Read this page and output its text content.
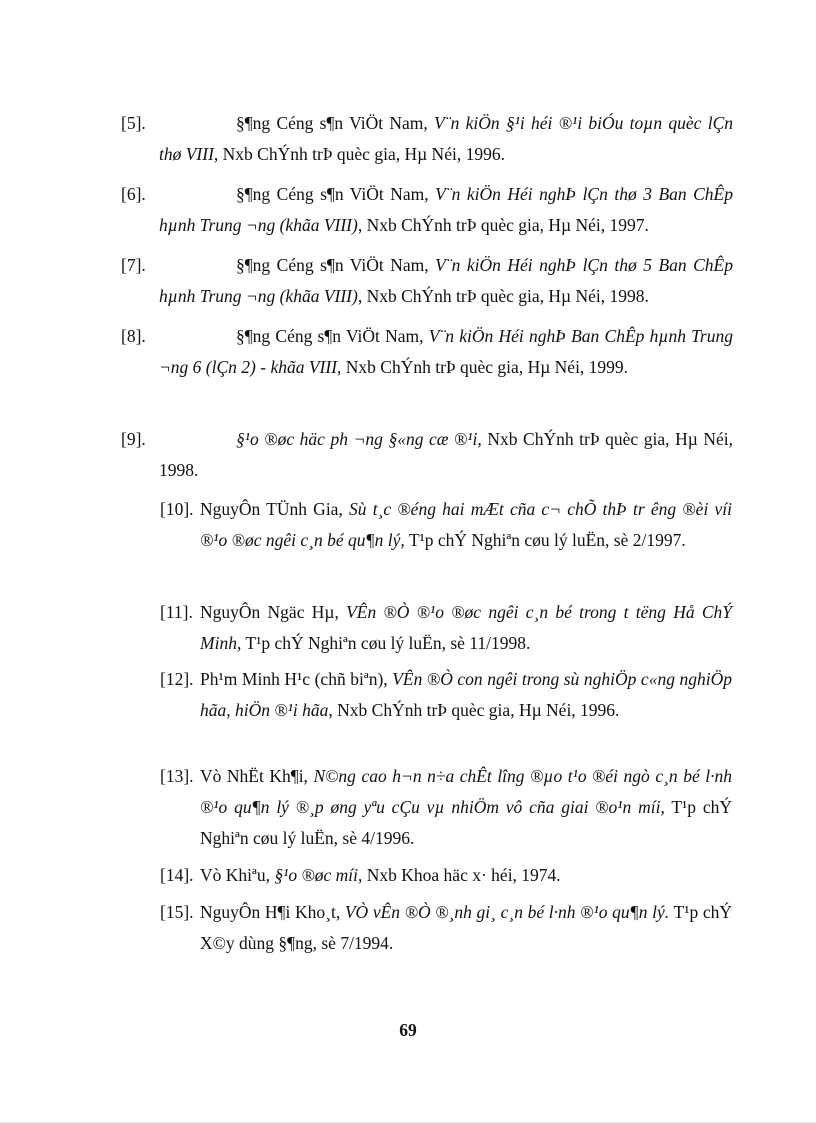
[5].	§¶ng Céng s¶n ViÖt Nam, V¨n kiÖn §¹i héi ®¹i biÓu toµn quèc lÇn thø VIII, Nxb ChÝnh trÞ quèc gia, Hµ Néi, 1996.
[6].	§¶ng Céng s¶n ViÖt Nam, V¨n kiÖn Héi nghÞ lÇn thø 3 Ban ChÊp hµnh Trung ¬ng (khãa VIII), Nxb ChÝnh trÞ quèc gia, Hµ Néi, 1997.
[7].	§¶ng Céng s¶n ViÖt Nam, V¨n kiÖn Héi nghÞ lÇn thø 5 Ban ChÊp hµnh Trung ¬ng (khãa VIII), Nxb ChÝnh trÞ quèc gia, Hµ Néi, 1998.
[8].	§¶ng Céng s¶n ViÖt Nam, V¨n kiÖn Héi nghÞ Ban ChÊp hµnh Trung ¬ng 6 (lÇn 2) - khãa VIII, Nxb ChÝnh trÞ quèc gia, Hµ Néi, 1999.
[9].	§¹o ®øc häc ph ¬ng §«ng cæ ®¹i, Nxb ChÝnh trÞ quèc gia, Hµ Néi, 1998.
[10]. NguyÔn TÜnh Gia, Sù t¸c ®éng hai mÆt cña c¬ chÕ thÞ tr êng ®èi víi ®¹o ®øc ngêi c¸n bé qu¶n lý, T¹p chÝ Nghiªn cøu lý luËn, sè 2/1997.
[11]. NguyÔn Ngäc Hµ, VÊn ®Ò ®¹o ®øc ngêi c¸n bé trong t tëng Hå ChÝ Minh, T¹p chÝ Nghiªn cøu lý luËn, sè 11/1998.
[12]. Ph¹m Minh H¹c (chñ biªn), VÊn ®Ò con ngêi trong sù nghiÖp c«ng nghiÖp hãa, hiÖn ®¹i hãa, Nxb ChÝnh trÞ quèc gia, Hµ Néi, 1996.
[13]. Vò NhËt Kh¶i, N©ng cao h¬n n÷a chÊt lîng ®µo t¹o ®éi ngò c¸n bé l·nh ®¹o qu¶n lý ®¸p øng yªu cÇu vµ nhiÖm vô cña giai ®o¹n míi, T¹p chÝ Nghiªn cøu lý luËn, sè 4/1996.
[14]. Vò Khiªu, §¹o ®øc míi, Nxb Khoa häc x· héi, 1974.
[15]. NguyÔn H¶i Kho¸t, VÒ vÊn ®Ò ®¸nh gi¸ c¸n bé l·nh ®¹o qu¶n lý. T¹p chÝ X©y dùng §¶ng, sè 7/1994.
69
